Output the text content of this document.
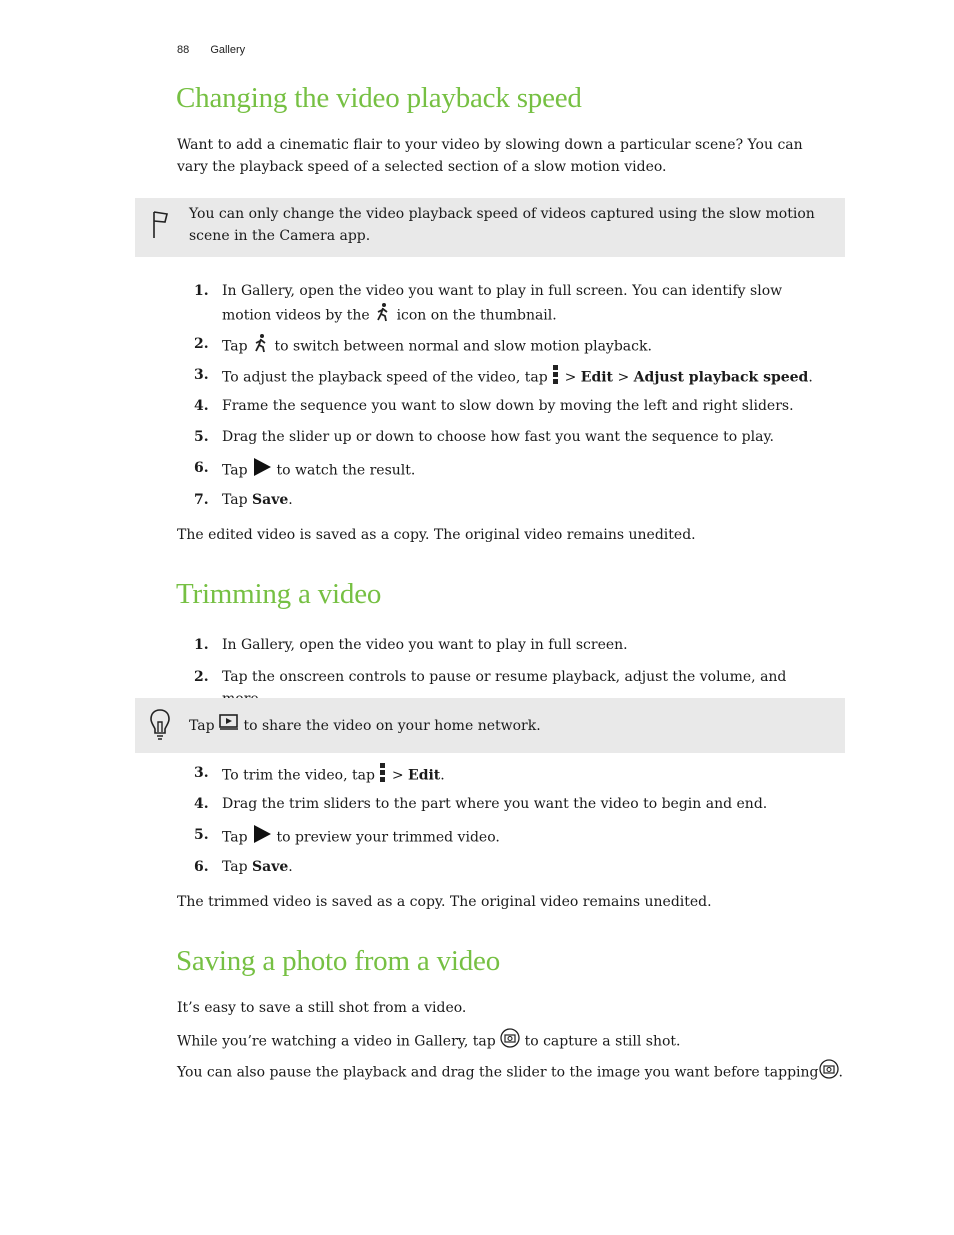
88 Gallery
Changing the video playback speed

Want to add a cinematic flair to your video by slowing down a particular scene? You can vary the playback speed of a selected section of a slow motion video.

You can only change the video playback speed of videos captured using the slow motion scene in the Camera app.
1. In Gallery, open the video you want to play in full screen. You can identify slow motion videos by the icon on the thumbnail.
2. Tap to switch between normal and slow motion playback.
3. To adjust the playback speed of the video, tap > Edit > Adjust playback speed.
4. Frame the sequence you want to slow down by moving the left and right sliders.
5. Drag the slider up or down to choose how fast you want the sequence to play.
6. Tap to watch the result.
7. Tap Save.

The edited video is saved as a copy. The original video remains unedited.

Trimming a video
1. In Gallery, open the video you want to play in full screen.
2. Tap the onscreen controls to pause or resume playback, adjust the volume, and
Tap to share the video on your home network.
3. To trim the video, tap > Edit.
4. Drag the trim sliders to the part where you want the video to begin and end.
5. Tap to preview your trimmed video.
6. Tap Save.

The trimmed video is saved as a copy. The original video remains unedited.

Saving a photo from a video

It’s easy to save a still shot from a video.

While you’re watching a video in Gallery, tap to capture a still shot.

You can also pause the playback and drag the slider to the image you want before tapping .
